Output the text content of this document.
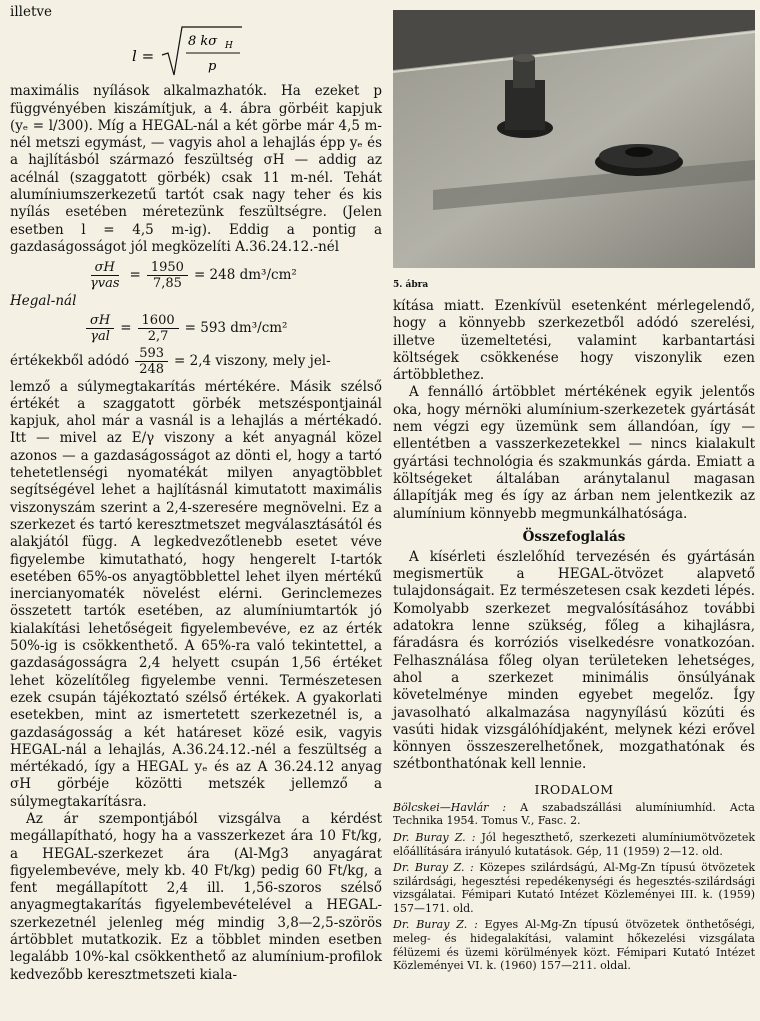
illetve

l =
8 kσ H
p

maximális nyílások alkalmazhatók. Ha ezeket p függvényében kiszámítjuk, a 4. ábra görbéit kapjuk (yₑ = l/300). Míg a HEGAL-nál a két görbe már 4,5 m-nél metszi egymást, — vagyis ahol a lehajlás épp yₑ és a hajlításból származó feszültség σH — addig az acélnál (szaggatott görbék) csak 11 m-nél. Tehát alumíniumszerkezetű tartót csak nagy teher és kis nyílás esetében méretezünk feszültségre. (Jelen esetben l = 4,5 m-ig). Eddig a pontig a gazdaságosságot jól megközelíti A.36.24.12.-nél

$\frac{\sigma H}{\text{γvas}} = \frac{1950}{7,85} = 248$ dm³/cm²

Hegal-nál

$\frac{\sigma H}{\text{γal}} = \frac{1600}{2,7} = 593$ dm³/cm²
értékekből adódó $\frac{593}{248} = 2,4$ viszony, mely jel-

lemző a súlymegtakarítás mértékére. Másik szélső értékét a szaggatott görbék metszéspontjainál kapjuk, ahol már a vasnál is a lehajlás a mértékadó. Itt — mivel az E/γ viszony a két anyagnál közel azonos — a gazdaságosságot az dönti el, hogy a tartó tehetetlenségi nyomatékát milyen anyagtöbblet segítségével lehet a hajlításnál kimutatott maximális viszonyszám szerint a 2,4-szeresére megnövelni. Ez a szerkezet és tartó keresztmetszet megválasztásától és alakjától függ. A legkedvezőtlenebb esetet véve figyelembe kimutatható, hogy hengerelt I-tartók esetében 65%-os anyagtöbblettel lehet ilyen mértékű inercianyomaték növelést elérni. Gerinclemezes összetett tartók esetében, az alumíniumtartók jó kialakítási lehetőségeit figyelembevéve, ez az érték 50%-ig is csökkenthető. A 65%-ra való tekintettel, a gazdaságosságra 2,4 helyett csupán 1,56 értéket lehet közelítőleg figyelembe venni. Természetesen ezek csupán tájékoztató szélső értékek. A gyakorlati esetekben, mint az ismertetett szerkezetnél is, a gazdaságosság a két határeset közé esik, vagyis HEGAL-nál a lehajlás, A.36.24.12.-nél a feszültség a mértékadó, így a HEGAL yₑ és az A 36.24.12 anyag σH görbéje közötti metszék jellemző a súlymegtakarításra.

Az ár szempontjából vizsgálva a kérdést megállapítható, hogy ha a vasszerkezet ára 10 Ft/kg, a HEGAL-szerkezet ára (Al-Mg3 anyagárat figyelembevéve, mely kb. 40 Ft/kg) pedig 60 Ft/kg, a fent megállapított 2,4 ill. 1,56-szoros szélső anyagmegtakarítás figyelembevételével a HEGAL-szerkezetnél jelenleg még mindig 3,8—2,5-szörös ártöbblet mutatkozik. Ez a többlet minden esetben legalább 10%-kal csökkenthető az alumínium-profilok kedvezőbb keresztmetszeti kiala-

5. ábra

kítása miatt. Ezenkívül esetenként mérlegelendő, hogy a könnyebb szerkezetből adódó szerelési, illetve üzemeltetési, valamint karbantartási költségek csökkenése hogy viszonylik ezen ártöbblethez.

A fennálló ártöbblet mértékének egyik jelentős oka, hogy mérnöki alumínium-szerkezetek gyártását nem végzi egy üzemünk sem állandóan, így — ellentétben a vasszerkezetekkel — nincs kialakult gyártási technológia és szakmunkás gárda. Emiatt a költségeket általában aránytalanul magasan állapítják meg és így az árban nem jelentkezik az alumínium könnyebb megmunkálhatósága.

Összefoglalás

A kísérleti észlelőhíd tervezésén és gyártásán megismertük a HEGAL-ötvözet alapvető tulajdonságait. Ez természetesen csak kezdeti lépés. Komolyabb szerkezet megvalósításához további adatokra lenne szükség, főleg a kihajlásra, fáradásra és korróziós viselkedésre vonatkozóan. Felhasználása főleg olyan területeken lehetséges, ahol a szerkezet minimális önsúlyának követelménye minden egyebet megelőz. Így javasolható alkalmazása nagynyílású közúti és vasúti hidak vizsgálóhídjaként, melynek kézi erővel könnyen összeszerelhetőnek, mozgathatónak és szétbonthatónak kell lennie.

IRODALOM
Bölcskei—Havlár : A szabadszállási alumíniumhíd. Acta Technika 1954. Tomus V., Fasc. 2.
Dr. Buray Z. : Jól hegeszthető, szerkezeti alumíniumötvözetek előállítására irányuló kutatások. Gép, 11 (1959) 2—12. old.
Dr. Buray Z. : Közepes szilárdságú, Al-Mg-Zn típusú ötvözetek szilárdsági, hegesztési repedékenységi és hegesztés-szilárdsági vizsgálatai. Fémipari Kutató Intézet Közleményei III. k. (1959) 157—171. old.
Dr. Buray Z. : Egyes Al-Mg-Zn típusú ötvözetek önthetőségi, meleg- és hidegalakítási, valamint hőkezelési vizsgálata félüzemi és üzemi körülmények közt. Fémipari Kutató Intézet Közleményei VI. k. (1960) 157—211. oldal.
